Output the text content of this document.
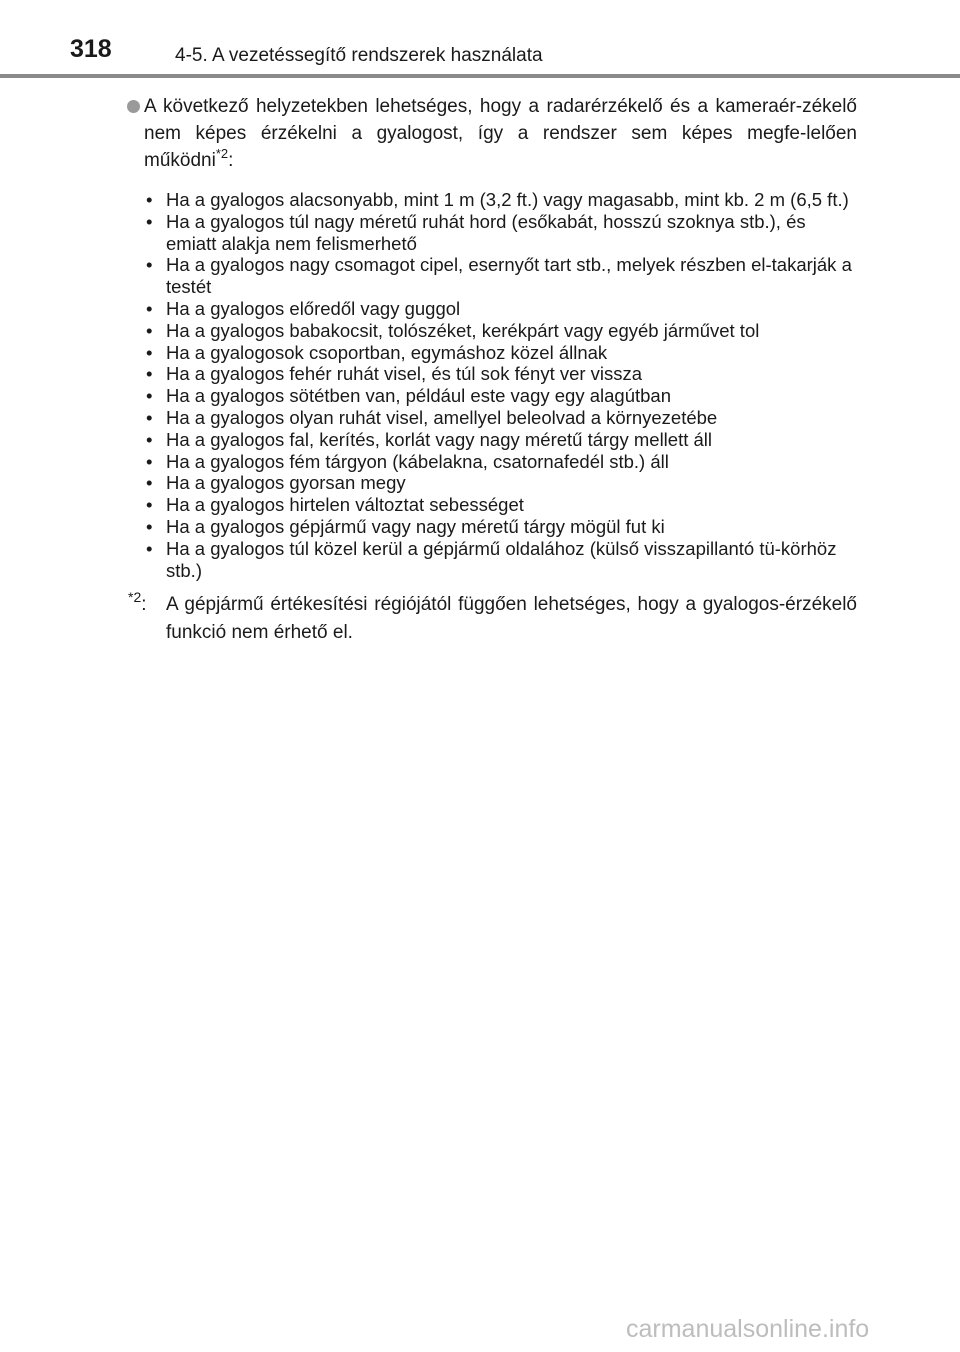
318	4-5. A vezetéssegítő rendszerek használata
A következő helyzetekben lehetséges, hogy a radarérzékelő és a kameraér-zékelő nem képes érzékelni a gyalogost, így a rendszer sem képes megfe-lelően működni$^{*2}$:
• Ha a gyalogos alacsonyabb, mint 1 m (3,2 ft.) vagy magasabb, mint kb. 2 m (6,5 ft.)
• Ha a gyalogos túl nagy méretű ruhát hord (esőkabát, hosszú szoknya stb.), és emiatt alakja nem felismerhető
• Ha a gyalogos nagy csomagot cipel, esernyőt tart stb., melyek részben el-takarják a testét
• Ha a gyalogos előredől vagy guggol
• Ha a gyalogos babakocsit, tolószéket, kerékpárt vagy egyéb járművet tol
• Ha a gyalogosok csoportban, egymáshoz közel állnak
• Ha a gyalogos fehér ruhát visel, és túl sok fényt ver vissza
• Ha a gyalogos sötétben van, például este vagy egy alagútban
• Ha a gyalogos olyan ruhát visel, amellyel beleolvad a környezetébe
• Ha a gyalogos fal, kerítés, korlát vagy nagy méretű tárgy mellett áll
• Ha a gyalogos fém tárgyon (kábelakna, csatornafedél stb.) áll
• Ha a gyalogos gyorsan megy
• Ha a gyalogos hirtelen változtat sebességet
• Ha a gyalogos gépjármű vagy nagy méretű tárgy mögül fut ki
• Ha a gyalogos túl közel kerül a gépjármű oldalához (külső visszapillantó tü-körhöz stb.)
$^{*2}$: A gépjármű értékesítési régiójától függően lehetséges, hogy a gyalogos-érzékelő funkció nem érhető el.
carmanualsonline.info
